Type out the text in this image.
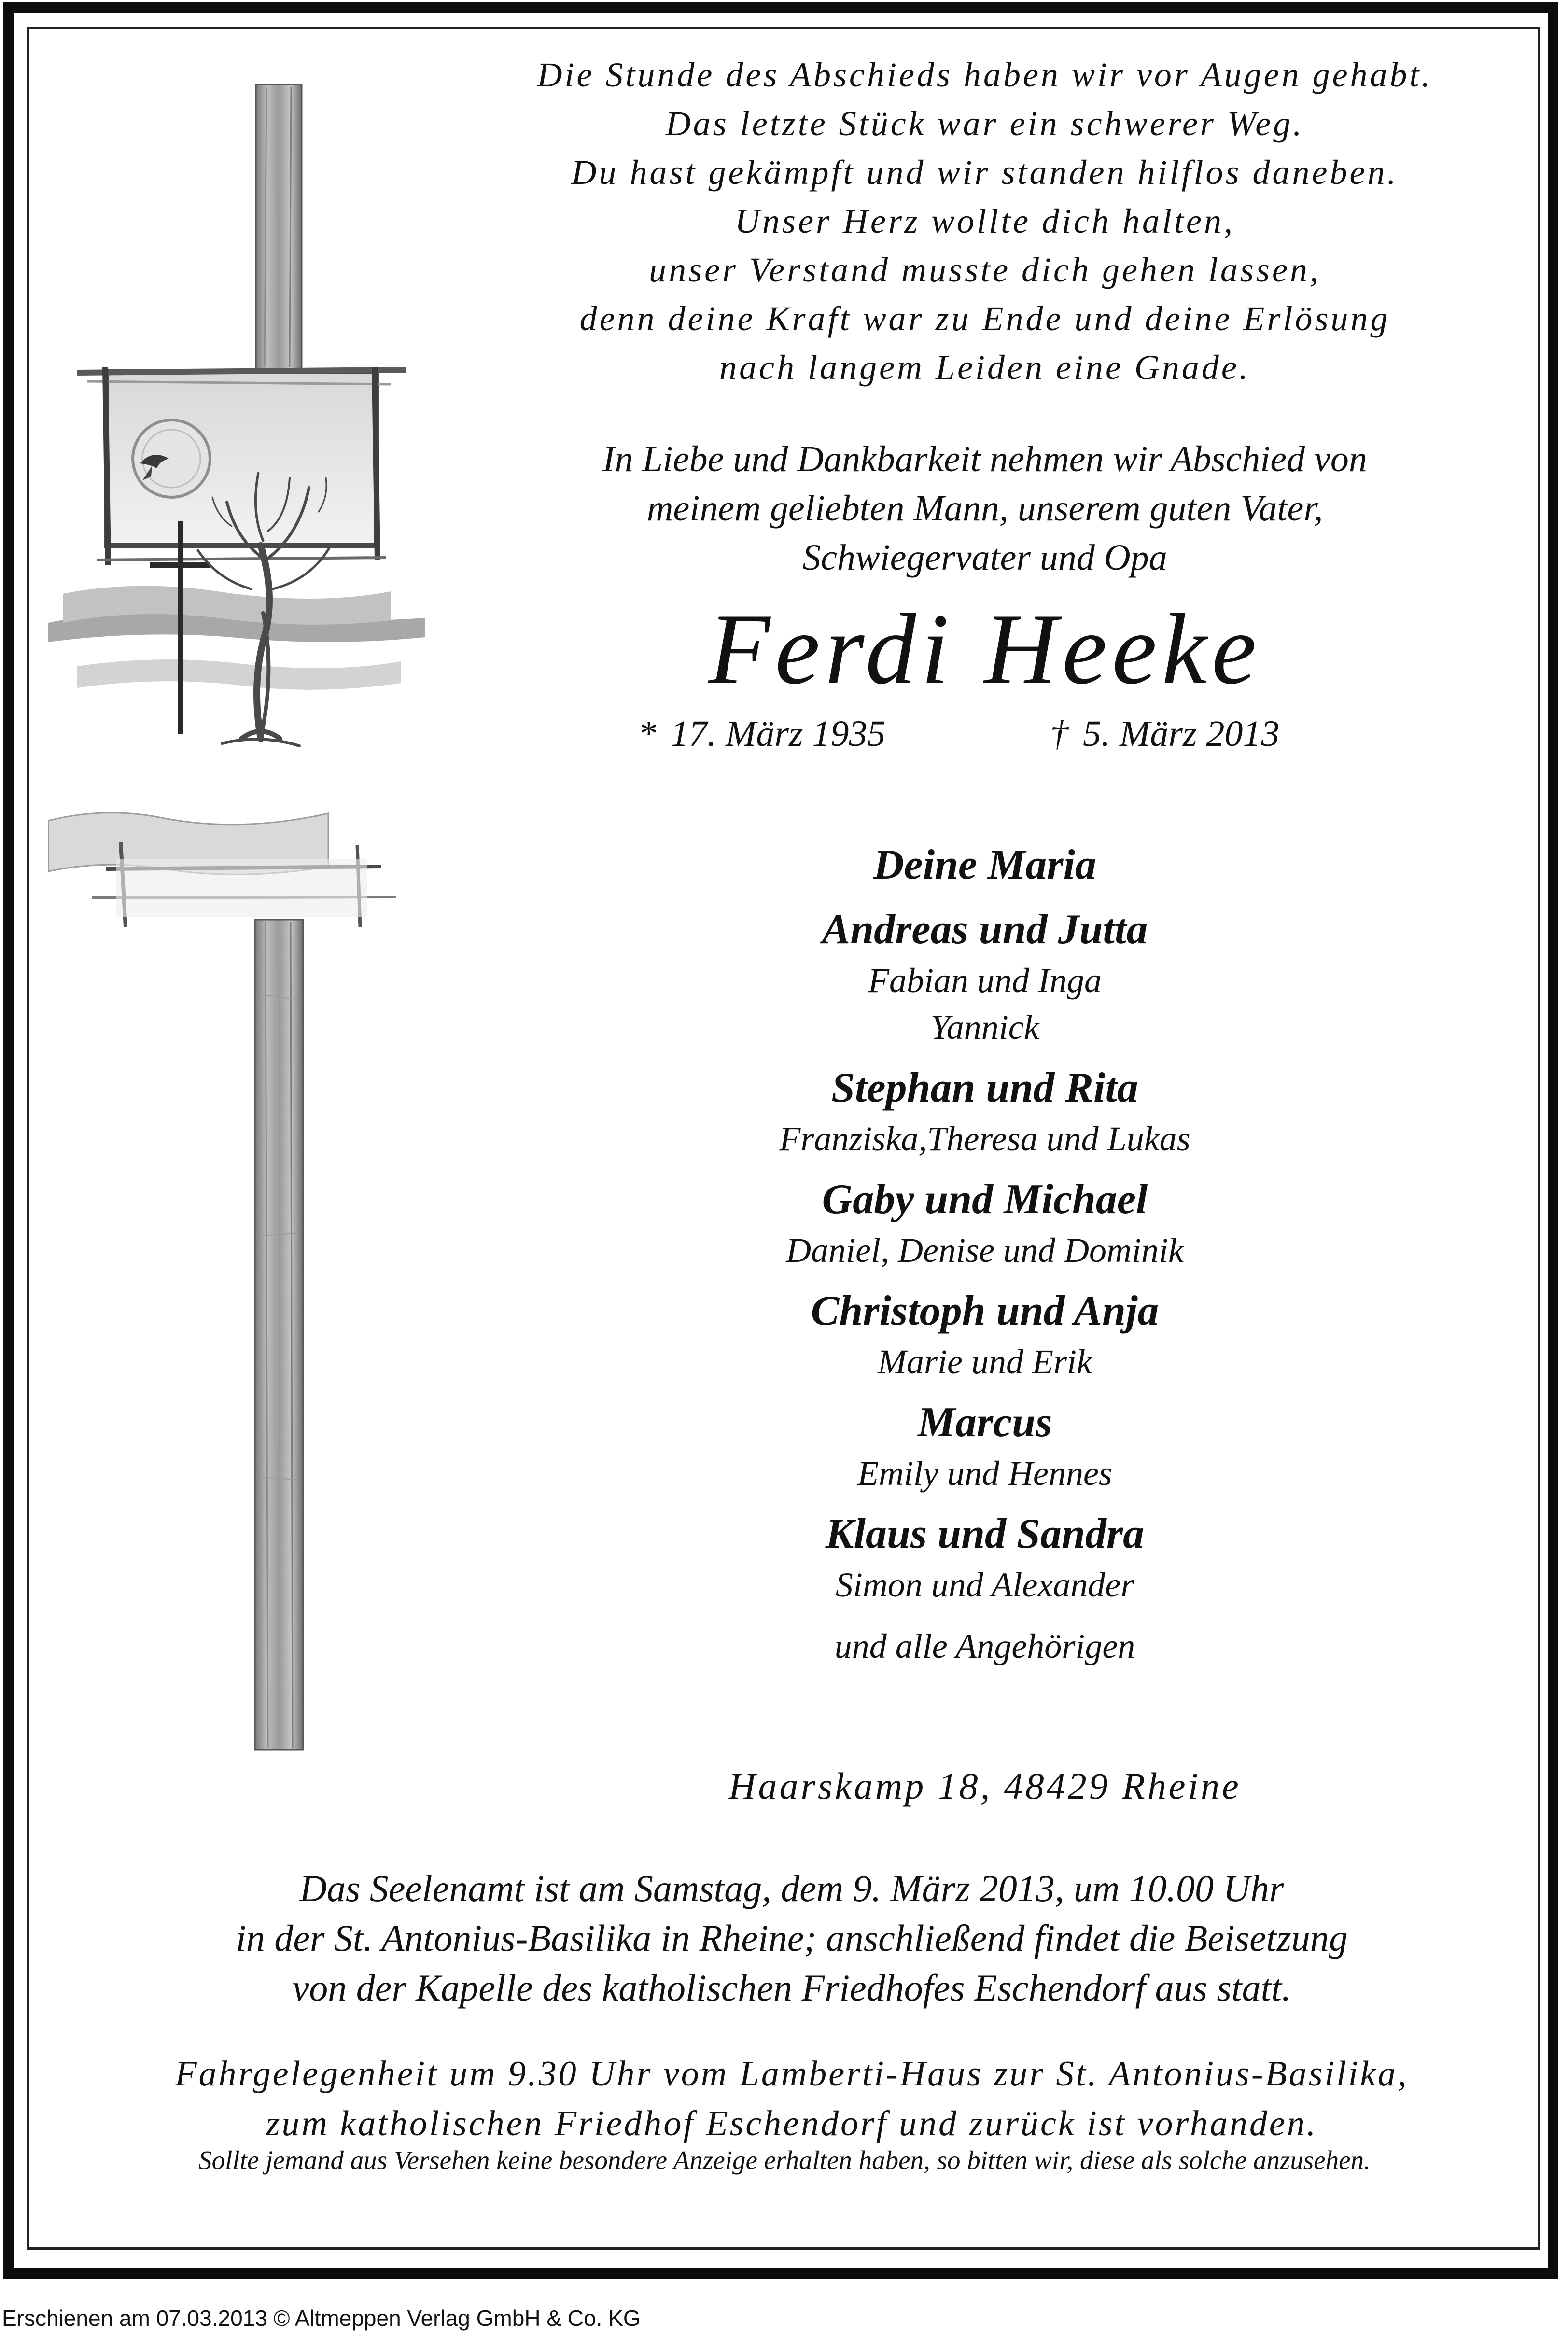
Die Stunde des Abschieds haben wir vor Augen gehabt.
Das letzte Stück war ein schwerer Weg.
Du hast gekämpft und wir standen hilflos daneben.
Unser Herz wollte dich halten,
unser Verstand musste dich gehen lassen,
denn deine Kraft war zu Ende und deine Erlösung
nach langem Leiden eine Gnade.
In Liebe und Dankbarkeit nehmen wir Abschied von
meinem geliebten Mann, unserem guten Vater,
Schwiegervater und Opa
Ferdi Heeke
* 17. März 1935	† 5. März 2013
Deine Maria
Andreas und Jutta
Fabian und Inga
Yannick
Stephan und Rita
Franziska,Theresa und Lukas
Gaby und Michael
Daniel, Denise und Dominik
Christoph und Anja
Marie und Erik
Marcus
Emily und Hennes
Klaus und Sandra
Simon und Alexander
und alle Angehörigen
Haarskamp 18, 48429 Rheine
Das Seelenamt ist am Samstag, dem 9. März 2013, um 10.00 Uhr
in der St. Antonius-Basilika in Rheine; anschließend findet die Beisetzung
von der Kapelle des katholischen Friedhofes Eschendorf aus statt.
Fahrgelegenheit um 9.30 Uhr vom Lamberti-Haus zur St. Antonius-Basilika,
zum katholischen Friedhof Eschendorf und zurück ist vorhanden.
Sollte jemand aus Versehen keine besondere Anzeige erhalten haben, so bitten wir, diese als solche anzusehen.
Erschienen am 07.03.2013 © Altmeppen Verlag GmbH & Co. KG
